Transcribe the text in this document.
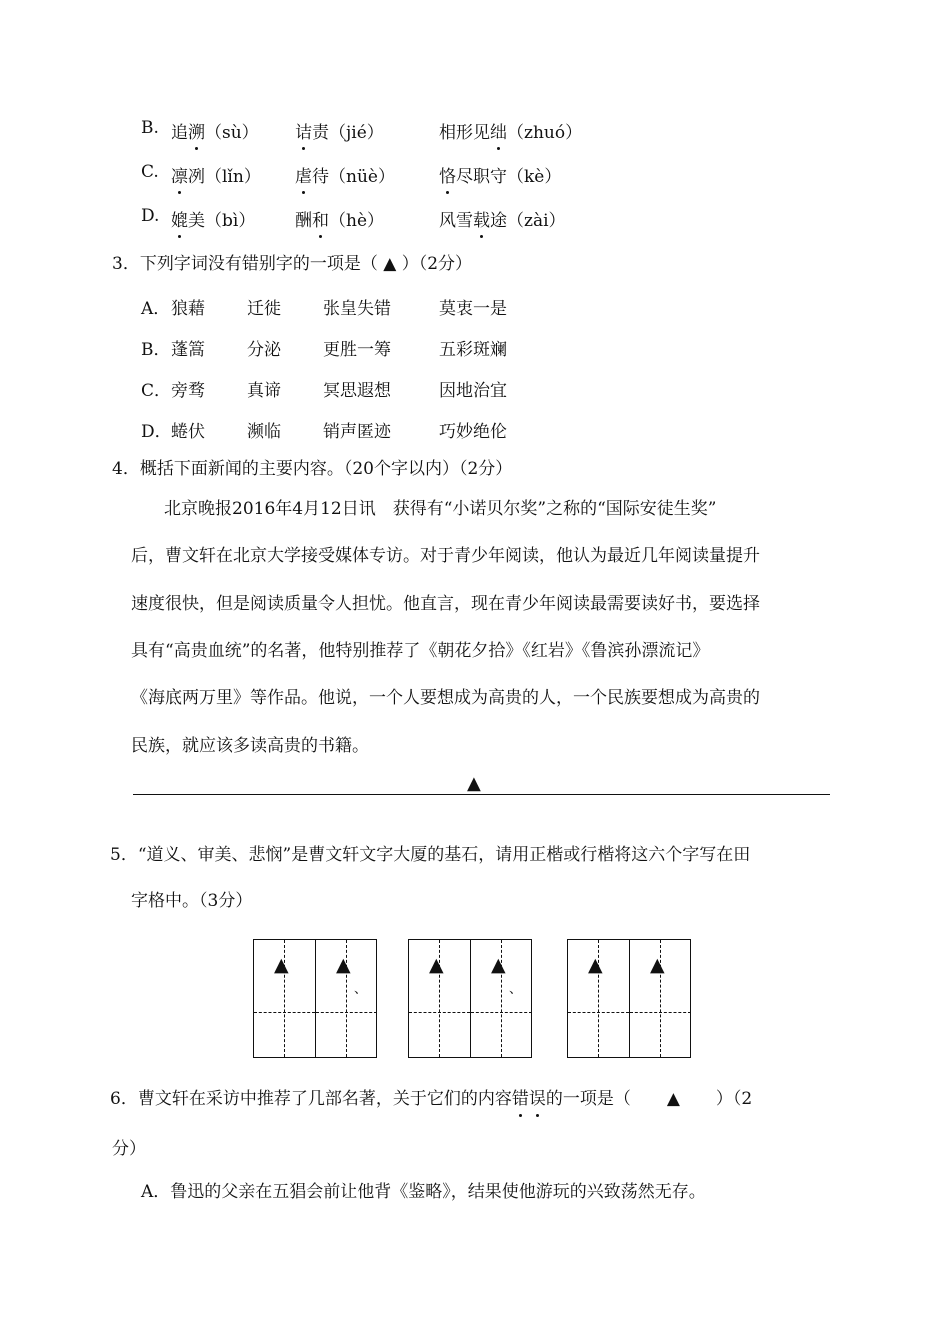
B. 追溯（sù） 诘责（jié）	相形见绌（zhuó）
C. 凛冽（lǐn） 虐待（nüè）	恪尽职守（kè）
D. 媲美（bì） 酬和（hè）	风雪载途（zài）
3．下列字词没有错别字的一项是（ ▲ ）（2分）
A． 狼藉 迁徙 张皇失错	莫衷一是
B． 蓬篙 分泌 更胜一筹	五彩斑斓
C． 旁骛 真谛 冥思遐想	因地治宜
D． 蜷伏 濒临 销声匿迹	巧妙绝伦
4．概括下面新闻的主要内容。（20个字以内）（2分）
北京晚报2016年4月12日讯　获得有“小诺贝尔奖”之称的“国际安徒生奖”
后，曹文轩在北京大学接受媒体专访。对于青少年阅读，他认为最近几年阅读量提升
速度很快，但是阅读质量令人担忧。他直言，现在青少年阅读最需要读好书，要选择
具有“高贵血统”的名著，他特别推荐了《朝花夕拾》《红岩》《鲁滨孙漂流记》
《海底两万里》等作品。他说，一个人要想成为高贵的人，一个民族要想成为高贵的
民族，就应该多读高贵的书籍。
▲
5．“道义、审美、悲悯”是曹文轩文字大厦的基石，请用正楷或行楷将这六个字写在田
字格中。（3分）
▲ ▲
、
▲ ▲
、
▲ ▲
6．曹文轩在采访中推荐了几部名著，关于它们的内容错误的一项是（ ▲ ）（2
分）
A．鲁迅的父亲在五猖会前让他背《鉴略》，结果使他游玩的兴致荡然无存。
